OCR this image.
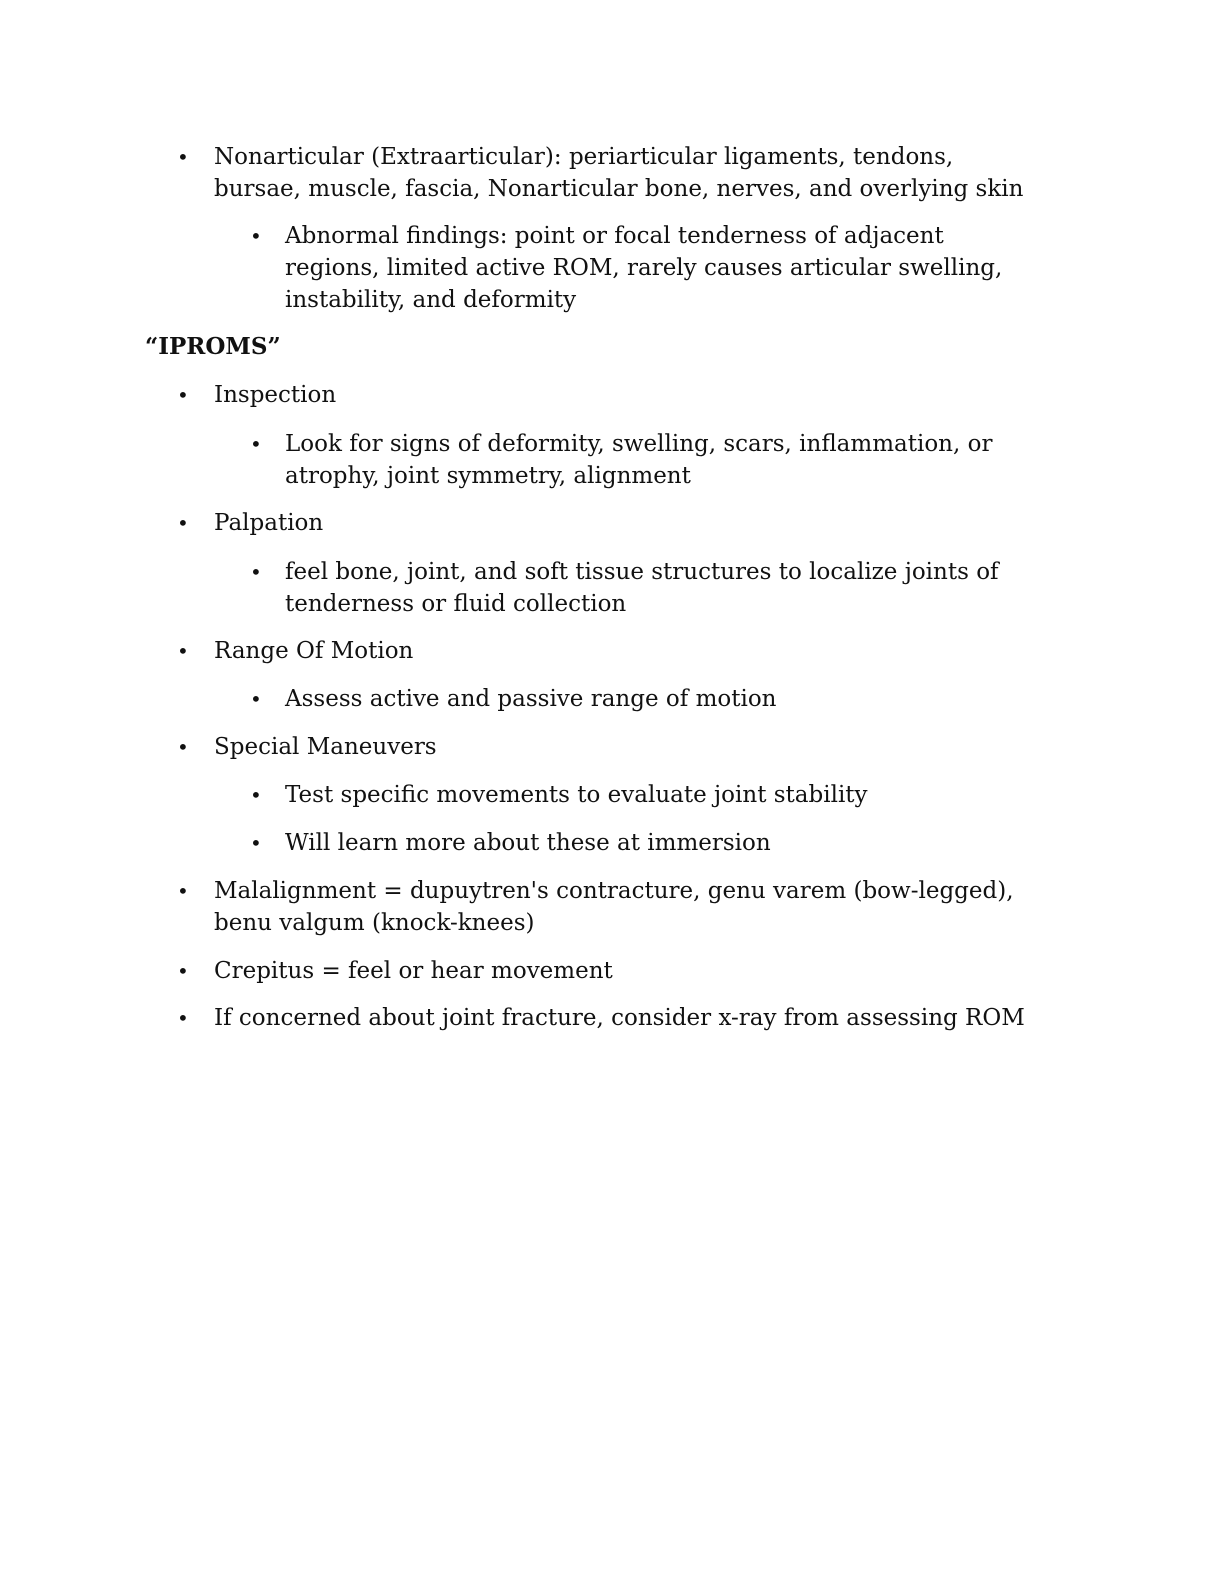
• Nonarticular (Extraarticular): periarticular ligaments, tendons,
bursae, muscle, fascia, Nonarticular bone, nerves, and overlying skin
• Abnormal findings: point or focal tenderness of adjacent
regions, limited active ROM, rarely causes articular swelling,
instability, and deformity
“IPROMS”
• Inspection
• Look for signs of deformity, swelling, scars, inflammation, or
atrophy, joint symmetry, alignment
• Palpation
• feel bone, joint, and soft tissue structures to localize joints of
tenderness or fluid collection
• Range Of Motion
• Assess active and passive range of motion
• Special Maneuvers
• Test specific movements to evaluate joint stability
• Will learn more about these at immersion
• Malalignment = dupuytren's contracture, genu varem (bow-legged),
benu valgum (knock-knees)
• Crepitus = feel or hear movement
• If concerned about joint fracture, consider x-ray from assessing ROM
